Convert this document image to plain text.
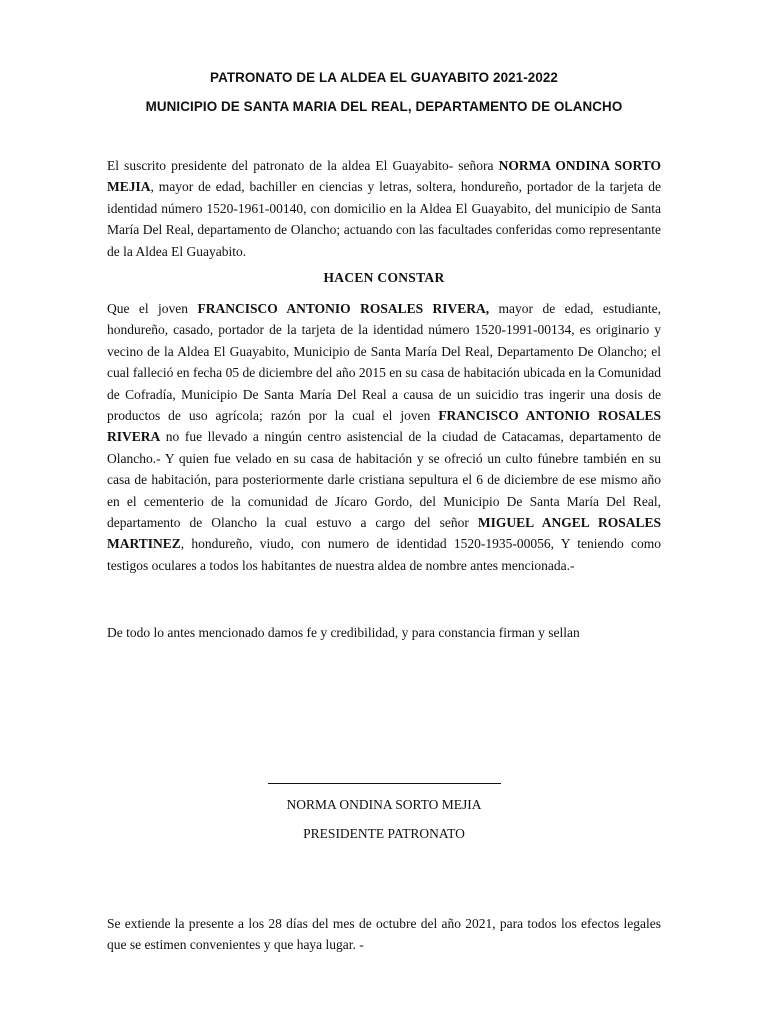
PATRONATO DE LA ALDEA EL GUAYABITO 2021-2022
MUNICIPIO DE SANTA MARIA DEL REAL, DEPARTAMENTO DE OLANCHO

El suscrito presidente del patronato de la aldea El Guayabito- señora NORMA ONDINA SORTO MEJIA, mayor de edad, bachiller en ciencias y letras, soltera, hondureño, portador de la tarjeta de identidad número 1520-1961-00140, con domicilio en la Aldea El Guayabito, del municipio de Santa María Del Real, departamento de Olancho; actuando con las facultades conferidas como representante de la Aldea El Guayabito.

HACEN CONSTAR

Que el joven FRANCISCO ANTONIO ROSALES RIVERA, mayor de edad, estudiante, hondureño, casado, portador de la tarjeta de la identidad número 1520-1991-00134, es originario y vecino de la Aldea El Guayabito, Municipio de Santa María Del Real, Departamento De Olancho; el cual falleció en fecha 05 de diciembre del año 2015 en su casa de habitación ubicada en la Comunidad de Cofradía, Municipio De Santa María Del Real a causa de un suicidio tras ingerir una dosis de productos de uso agrícola; razón por la cual el joven FRANCISCO ANTONIO ROSALES RIVERA no fue llevado a ningún centro asistencial de la ciudad de Catacamas, departamento de Olancho.- Y quien fue velado en su casa de habitación y se ofreció un culto fúnebre también en su casa de habitación, para posteriormente darle cristiana sepultura el 6 de diciembre de ese mismo año en el cementerio de la comunidad de Jícaro Gordo, del Municipio De Santa María Del Real, departamento de Olancho la cual estuvo a cargo del señor MIGUEL ANGEL ROSALES MARTINEZ, hondureño, viudo, con numero de identidad 1520-1935-00056, Y teniendo como testigos oculares a todos los habitantes de nuestra aldea de nombre antes mencionada.-

De todo lo antes mencionado damos fe y credibilidad, y para constancia firman y sellan

NORMA ONDINA SORTO MEJIA
PRESIDENTE PATRONATO

Se extiende la presente a los 28 días del mes de octubre del año 2021, para todos los efectos legales que se estimen convenientes y que haya lugar. -
